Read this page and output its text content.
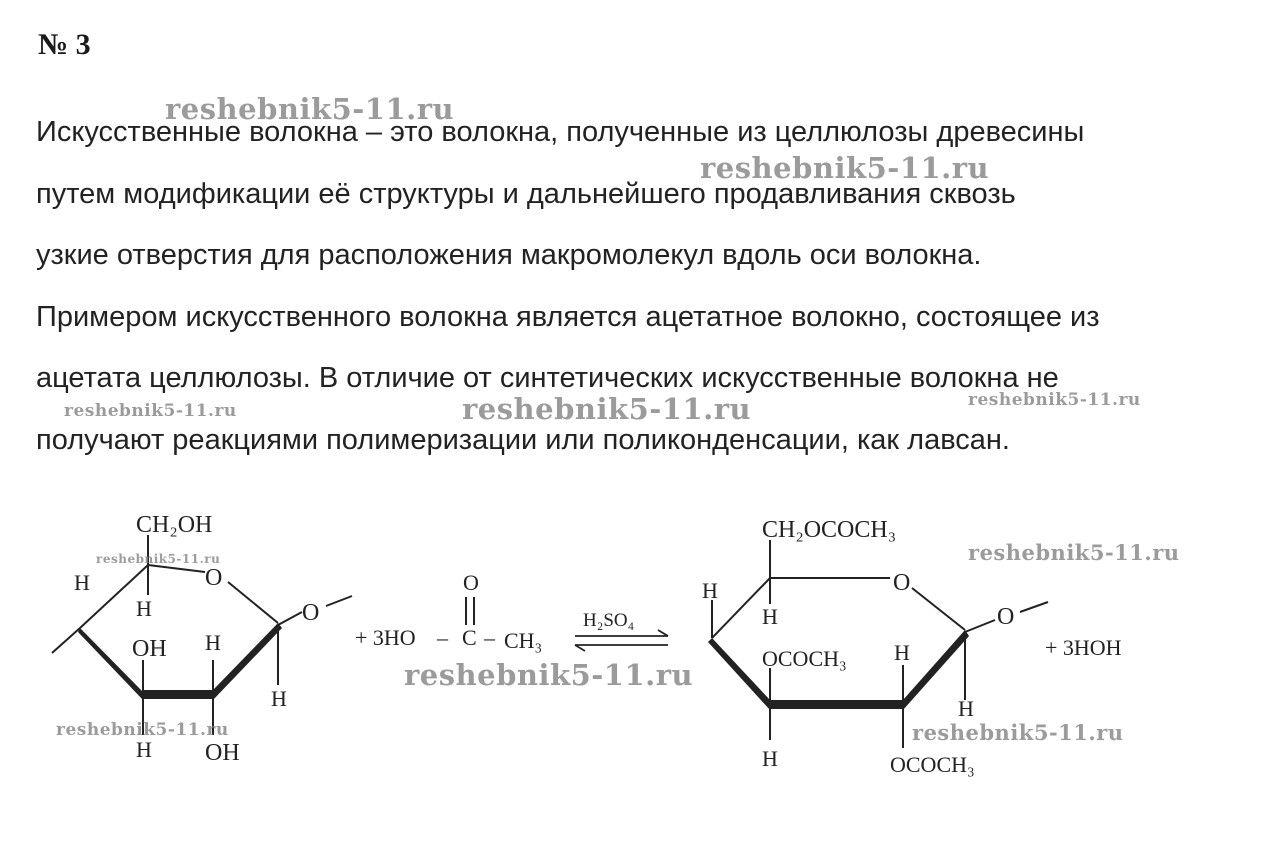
№ 3
Искусственные волокна – это волокна, полученные из целлюлозы древесины
путем модификации её структуры и дальнейшего продавливания сквозь
узкие отверстия для расположения макромолекул вдоль оси волокна.
Примером искусственного волокна является ацетатное волокно, состоящее из
ацетата целлюлозы. В отличие от синтетических искусственные волокна не
получают реакциями полимеризации или поликонденсации, как лавсан.
reshebnik5-11.ru
reshebnik5-11.ru
reshebnik5-11.ru	reshebnik5-11.ru	reshebnik5-11.ru
CH₂OH
O
O
H
H
OH H
H
H OH
+ 3HO – C – CH₃
O
H₂SO₄
CH₂OCOCH₃
O
O
H
H
OCOCH₃ H
H
H	OCOCH₃
+ 3HOH
reshebnik5-11.ru	reshebnik5-11.ru
reshebnik5-11.ru
reshebnik5-11.ru	reshebnik5-11.ru
